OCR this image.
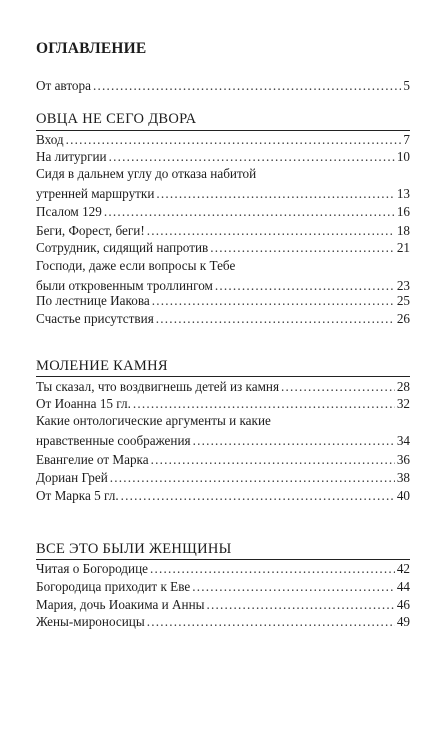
ОГЛАВЛЕНИЕ
От автора .....	5
ОВЦА НЕ СЕГО ДВОРА
Вход .....	7
На литургии .....	10
Сидя в дальнем углу до отказа набитой
утренней маршрутки .....	13
Псалом 129 .....	16
Беги, Форест, беги! .....	18
Сотрудник, сидящий напротив .....	21
Господи, даже если вопросы к Тебе
были откровенным троллингом .....	23
По лестнице Иакова .....	25
Счастье присутствия .....	26
МОЛЕНИЕ КАМНЯ
Ты сказал, что воздвигнешь детей из камня .....	28
От Иоанна 15 гл. .....	32
Какие онтологические аргументы и какие
нравственные соображения .....	34
Евангелие от Марка .....	36
Дориан Грей .....	38
От Марка 5 гл. .....	40
ВСЕ ЭТО БЫЛИ ЖЕНЩИНЫ
Читая о Богородице .....	42
Богородица приходит к Еве .....	44
Мария, дочь Иоакима и Анны .....	46
Жены-мироносицы .....	49
